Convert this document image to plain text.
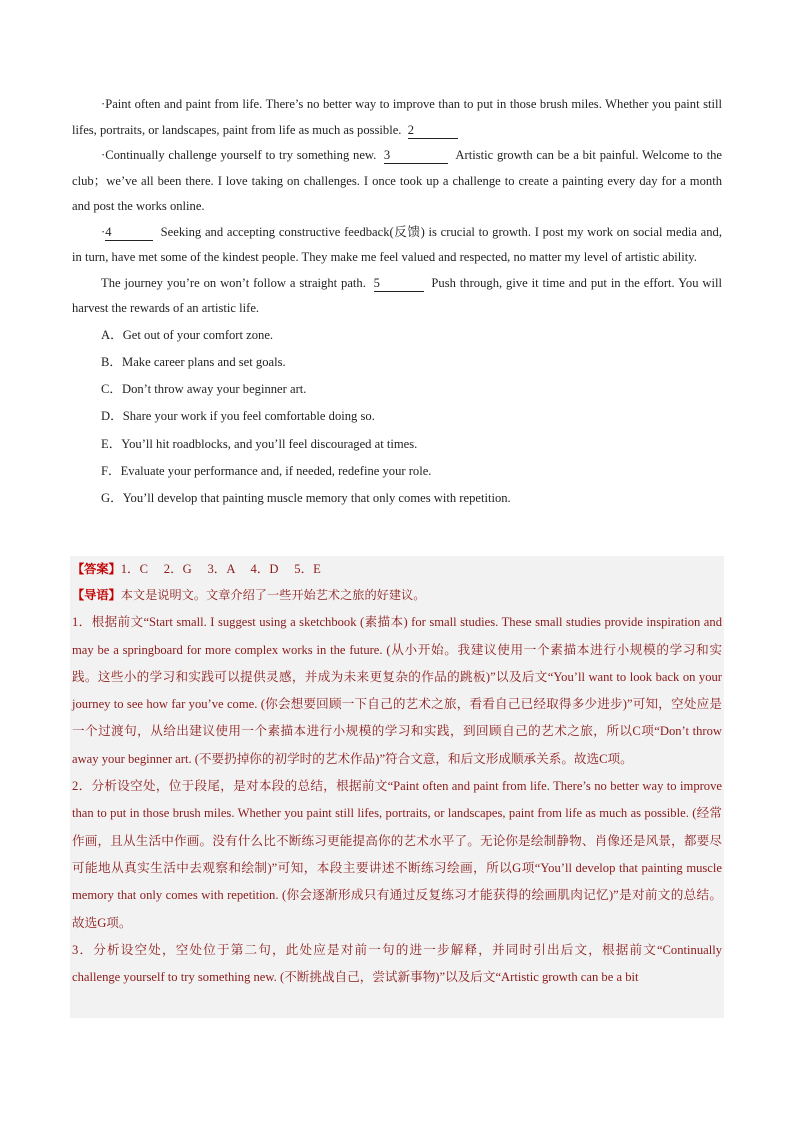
·Paint often and paint from life. There’s no better way to improve than to put in those brush miles. Whether you paint still lifes, portraits, or landscapes, paint from life as much as possible. 2

·Continually challenge yourself to try something new. 3	Artistic growth can be a bit painful. Welcome to the club；we’ve all been there. I love taking on challenges. I once took up a challenge to create a painting every day for a month and post the works online.

·4	Seeking and accepting constructive feedback(反馈) is crucial to growth. I post my work on social media and, in turn, have met some of the kindest people. They make me feel valued and respected, no matter my level of artistic ability.

The journey you’re on won’t follow a straight path. 5	Push through, give it time and put in the effort. You will harvest the rewards of an artistic life.

A．Get out of your comfort zone.

B．Make career plans and set goals.

C．Don’t throw away your beginner art.

D．Share your work if you feel comfortable doing so.

E．You’ll hit roadblocks, and you’ll feel discouraged at times.

F．Evaluate your performance and, if needed, redefine your role.

G．You’ll develop that painting muscle memory that only comes with repetition.

【答案】1．C　 2．G　 3．A　 4．D　 5．E

【导语】本文是说明文。文章介绍了一些开始艺术之旅的好建议。

1．根据前文“Start small. I suggest using a sketchbook (素描本) for small studies. These small studies provide inspiration and may be a springboard for more complex works in the future. (从小开始。我建议使用一个素描本进行小规模的学习和实践。这些小的学习和实践可以提供灵感，并成为未来更复杂的作品的跳板)”以及后文“You’ll want to look back on your journey to see how far you’ve come. (你会想要回顾一下自己的艺术之旅，看看自己已经取得多少进步)”可知，空处应是一个过渡句，从给出建议使用一个素描本进行小规模的学习和实践，到回顾自己的艺术之旅，所以C项“Don’t throw away your beginner art. (不要扔掉你的初学时的艺术作品)”符合文意，和后文形成顺承关系。故选C项。

2．分析设空处，位于段尾，是对本段的总结，根据前文“Paint often and paint from life. There’s no better way to improve than to put in those brush miles. Whether you paint still lifes, portraits, or landscapes, paint from life as much as possible. (经常作画，且从生活中作画。没有什么比不断练习更能提高你的艺术水平了。无论你是绘制静物、肖像还是风景，都要尽可能地从真实生活中去观察和绘制)”可知，本段主要讲述不断练习绘画，所以G项“You’ll develop that painting muscle memory that only comes with repetition. (你会逐渐形成只有通过反复练习才能获得的绘画肌肉记忆)”是对前文的总结。故选G项。

3．分析设空处，空处位于第二句，此处应是对前一句的进一步解释，并同时引出后文，根据前文“Continually challenge yourself to try something new. (不断挑战自己，尝试新事物)”以及后文“Artistic growth can be a bit
